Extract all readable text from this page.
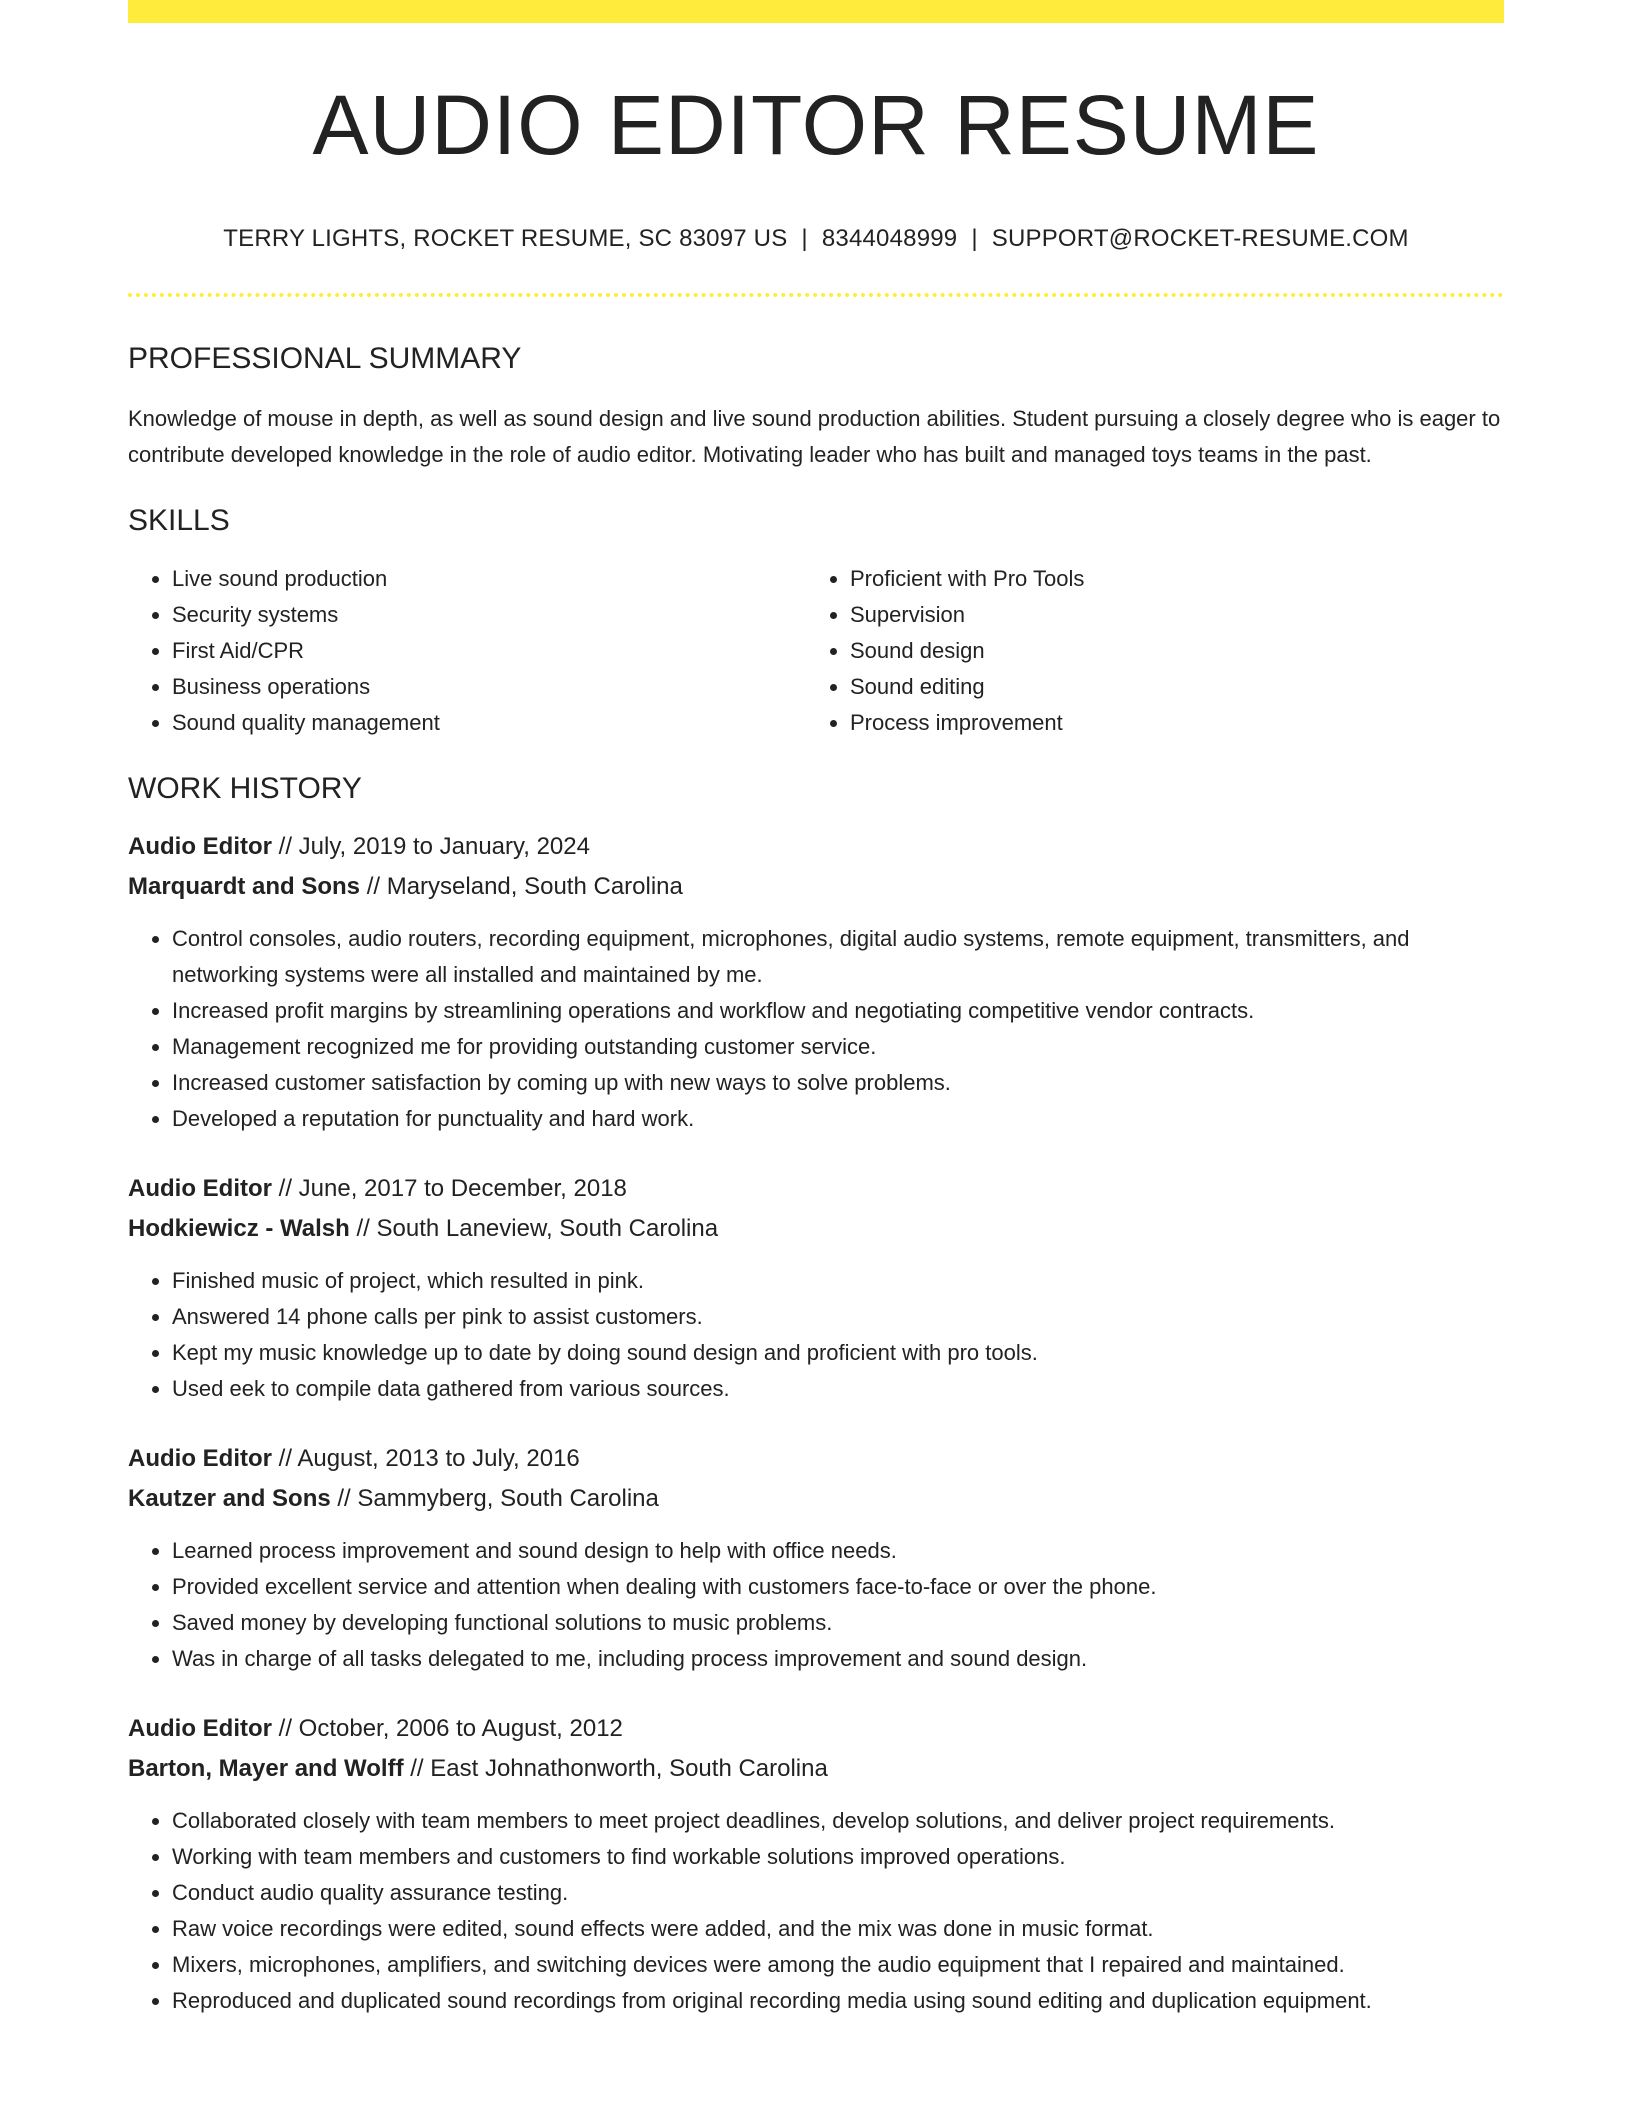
AUDIO EDITOR RESUME
TERRY LIGHTS, ROCKET RESUME, SC 83097 US | 8344048999 | SUPPORT@ROCKET-RESUME.COM
PROFESSIONAL SUMMARY

Knowledge of mouse in depth, as well as sound design and live sound production abilities. Student pursuing a closely degree who is eager to contribute developed knowledge in the role of audio editor. Motivating leader who has built and managed toys teams in the past.

SKILLS
• Live sound production
• Security systems
• First Aid/CPR
• Business operations
• Sound quality management
• Proficient with Pro Tools
• Supervision
• Sound design
• Sound editing
• Process improvement
WORK HISTORY
Audio Editor // July, 2019 to January, 2024
Marquardt and Sons // Maryseland, South Carolina
• Control consoles, audio routers, recording equipment, microphones, digital audio systems, remote equipment, transmitters, and networking systems were all installed and maintained by me.
• Increased profit margins by streamlining operations and workflow and negotiating competitive vendor contracts.
• Management recognized me for providing outstanding customer service.
• Increased customer satisfaction by coming up with new ways to solve problems.
• Developed a reputation for punctuality and hard work.
Audio Editor // June, 2017 to December, 2018
Hodkiewicz - Walsh // South Laneview, South Carolina
• Finished music of project, which resulted in pink.
• Answered 14 phone calls per pink to assist customers.
• Kept my music knowledge up to date by doing sound design and proficient with pro tools.
• Used eek to compile data gathered from various sources.
Audio Editor // August, 2013 to July, 2016
Kautzer and Sons // Sammyberg, South Carolina
• Learned process improvement and sound design to help with office needs.
• Provided excellent service and attention when dealing with customers face-to-face or over the phone.
• Saved money by developing functional solutions to music problems.
• Was in charge of all tasks delegated to me, including process improvement and sound design.
Audio Editor // October, 2006 to August, 2012
Barton, Mayer and Wolff // East Johnathonworth, South Carolina
• Collaborated closely with team members to meet project deadlines, develop solutions, and deliver project requirements.
• Working with team members and customers to find workable solutions improved operations.
• Conduct audio quality assurance testing.
• Raw voice recordings were edited, sound effects were added, and the mix was done in music format.
• Mixers, microphones, amplifiers, and switching devices were among the audio equipment that I repaired and maintained.
• Reproduced and duplicated sound recordings from original recording media using sound editing and duplication equipment.
